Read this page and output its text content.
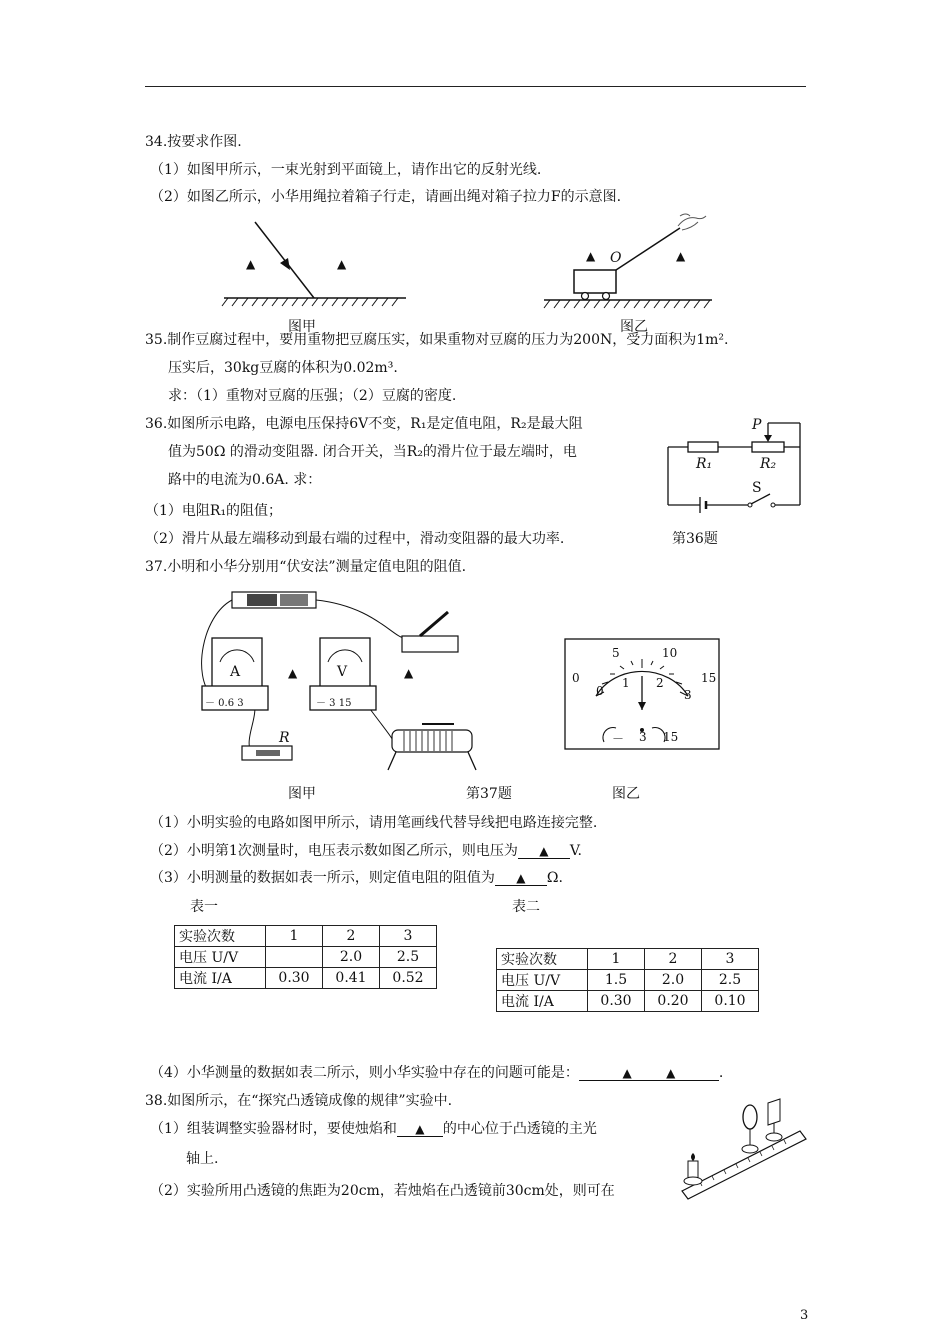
34.按要求作图.
（1）如图甲所示，一束光射到平面镜上，请作出它的反射光线.
（2）如图乙所示，小华用绳拉着箱子行走，请画出绳对箱子拉力F的示意图.
▲	▲
图甲
▲ O	▲
图乙
35.制作豆腐过程中，要用重物把豆腐压实，如果重物对豆腐的压力为200N，受力面积为1m².
压实后，30kg豆腐的体积为0.02m³.
求：（1）重物对豆腐的压强；（2）豆腐的密度.
36.如图所示电路，电源电压保持6V不变，R₁是定值电阻，R₂是最大阻
值为50Ω 的滑动变阻器. 闭合开关，当R₂的滑片位于最左端时，电
路中的电流为0.6A. 求：
（1）电阻R₁的阻值；
（2）滑片从最左端移动到最右端的过程中，滑动变阻器的最大功率.
P
R₁	R₂
S
第36题
37.小明和小华分别用“伏安法”测量定值电阻的阻值.
A	V
－ 0.6 3	－ 3 15
▲	▲
R
图甲	第37题
0
5	10
15
0
1 2
3
－ 3 15
图乙
（1）小明实验的电路如图甲所示，请用笔画线代替导线把电路连接完整.
（2）小明第1次测量时，电压表示数如图乙所示，则电压为 ▲ V.
（3）小明测量的数据如表一所示，则定值电阻的阻值为 ▲ Ω.
表一
实验次数	1	2	3
电压 U/V		2.0	2.5
电流 I/A	0.30	0.41	0.52
表二
实验次数	1	2	3
电压 U/V	1.5	2.0	2.5
电流 I/A	0.30	0.20	0.10
（4）小华测量的数据如表二所示，则小华实验中存在的问题可能是：	▲	▲	.
38.如图所示，在“探究凸透镜成像的规律”实验中.
（1）组装调整实验器材时，要使烛焰和 ▲ 的中心位于凸透镜的主光
轴上.
（2）实验所用凸透镜的焦距为20cm，若烛焰在凸透镜前30cm处，则可在
3
